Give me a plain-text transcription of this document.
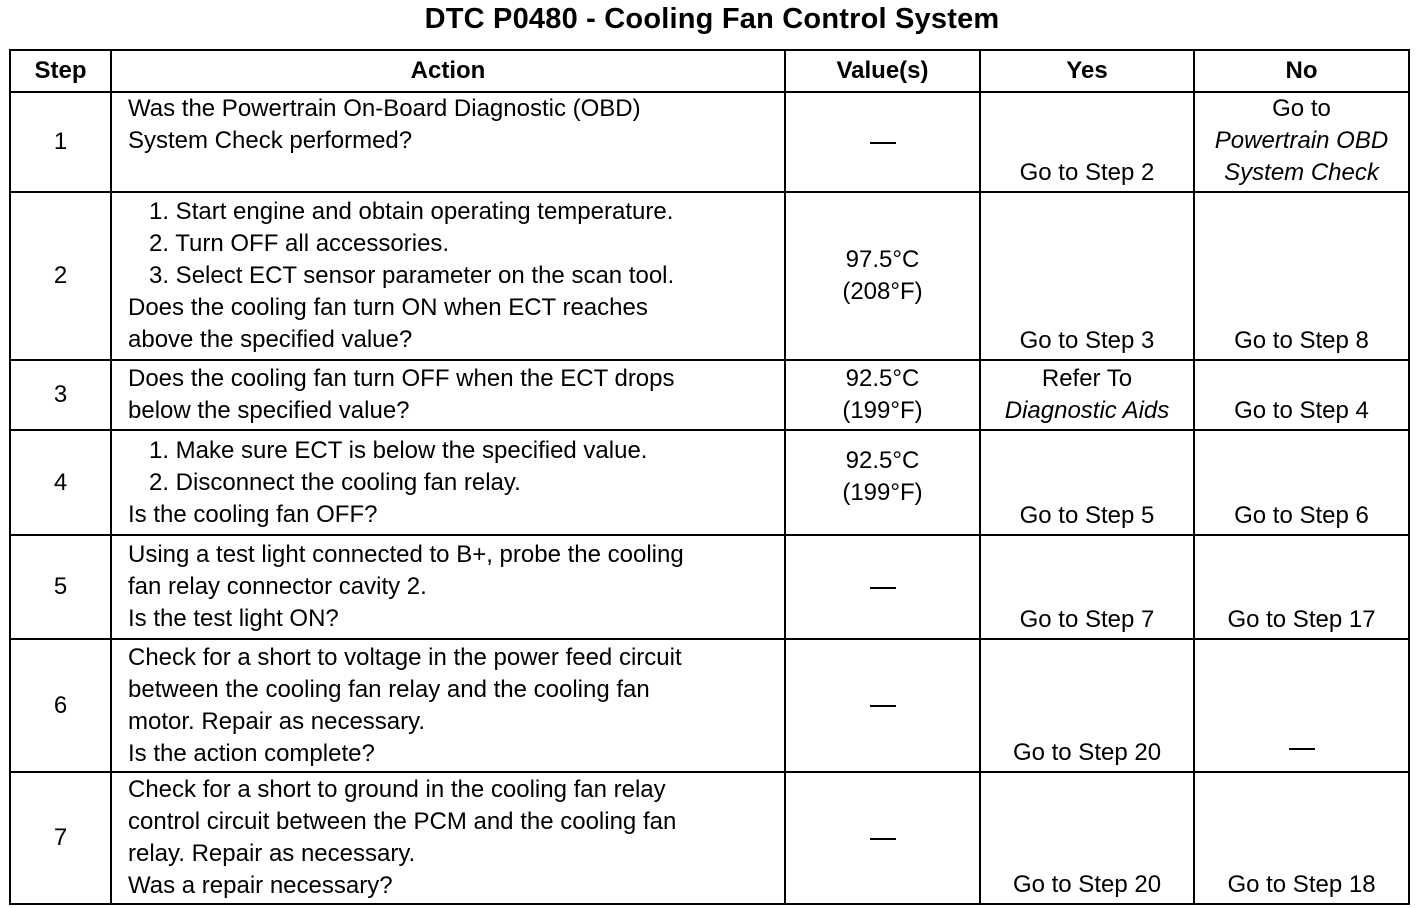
DTC P0480 - Cooling Fan Control System
Step	Action	Value(s)	Yes	No
1	Was the Powertrain On-Board Diagnostic (OBD)
System Check performed?		Go to Step 2	Go to
Powertrain OBD
System Check

2	1. Start engine and obtain operating temperature.
2. Turn OFF all accessories.
3. Select ECT sensor parameter on the scan tool.
Does the cooling fan turn ON when ECT reaches
above the specified value?	97.5°C
(208°F)	Go to Step 3	Go to Step 8
3	Does the cooling fan turn OFF when the ECT drops
below the specified value?	92.5°C
(199°F)	Refer To
Diagnostic Aids	Go to Step 4
4	1. Make sure ECT is below the specified value.
2. Disconnect the cooling fan relay.
Is the cooling fan OFF?	92.5°C
(199°F)	Go to Step 5	Go to Step 6
5	Using a test light connected to B+, probe the cooling
fan relay connector cavity 2.
Is the test light ON?		Go to Step 7	Go to Step 17
6	Check for a short to voltage in the power feed circuit
between the cooling fan relay and the cooling fan
motor. Repair as necessary.
Is the action complete?		Go to Step 20	
7	Check for a short to ground in the cooling fan relay
control circuit between the PCM and the cooling fan
relay. Repair as necessary.
Was a repair necessary?		Go to Step 20	Go to Step 18
